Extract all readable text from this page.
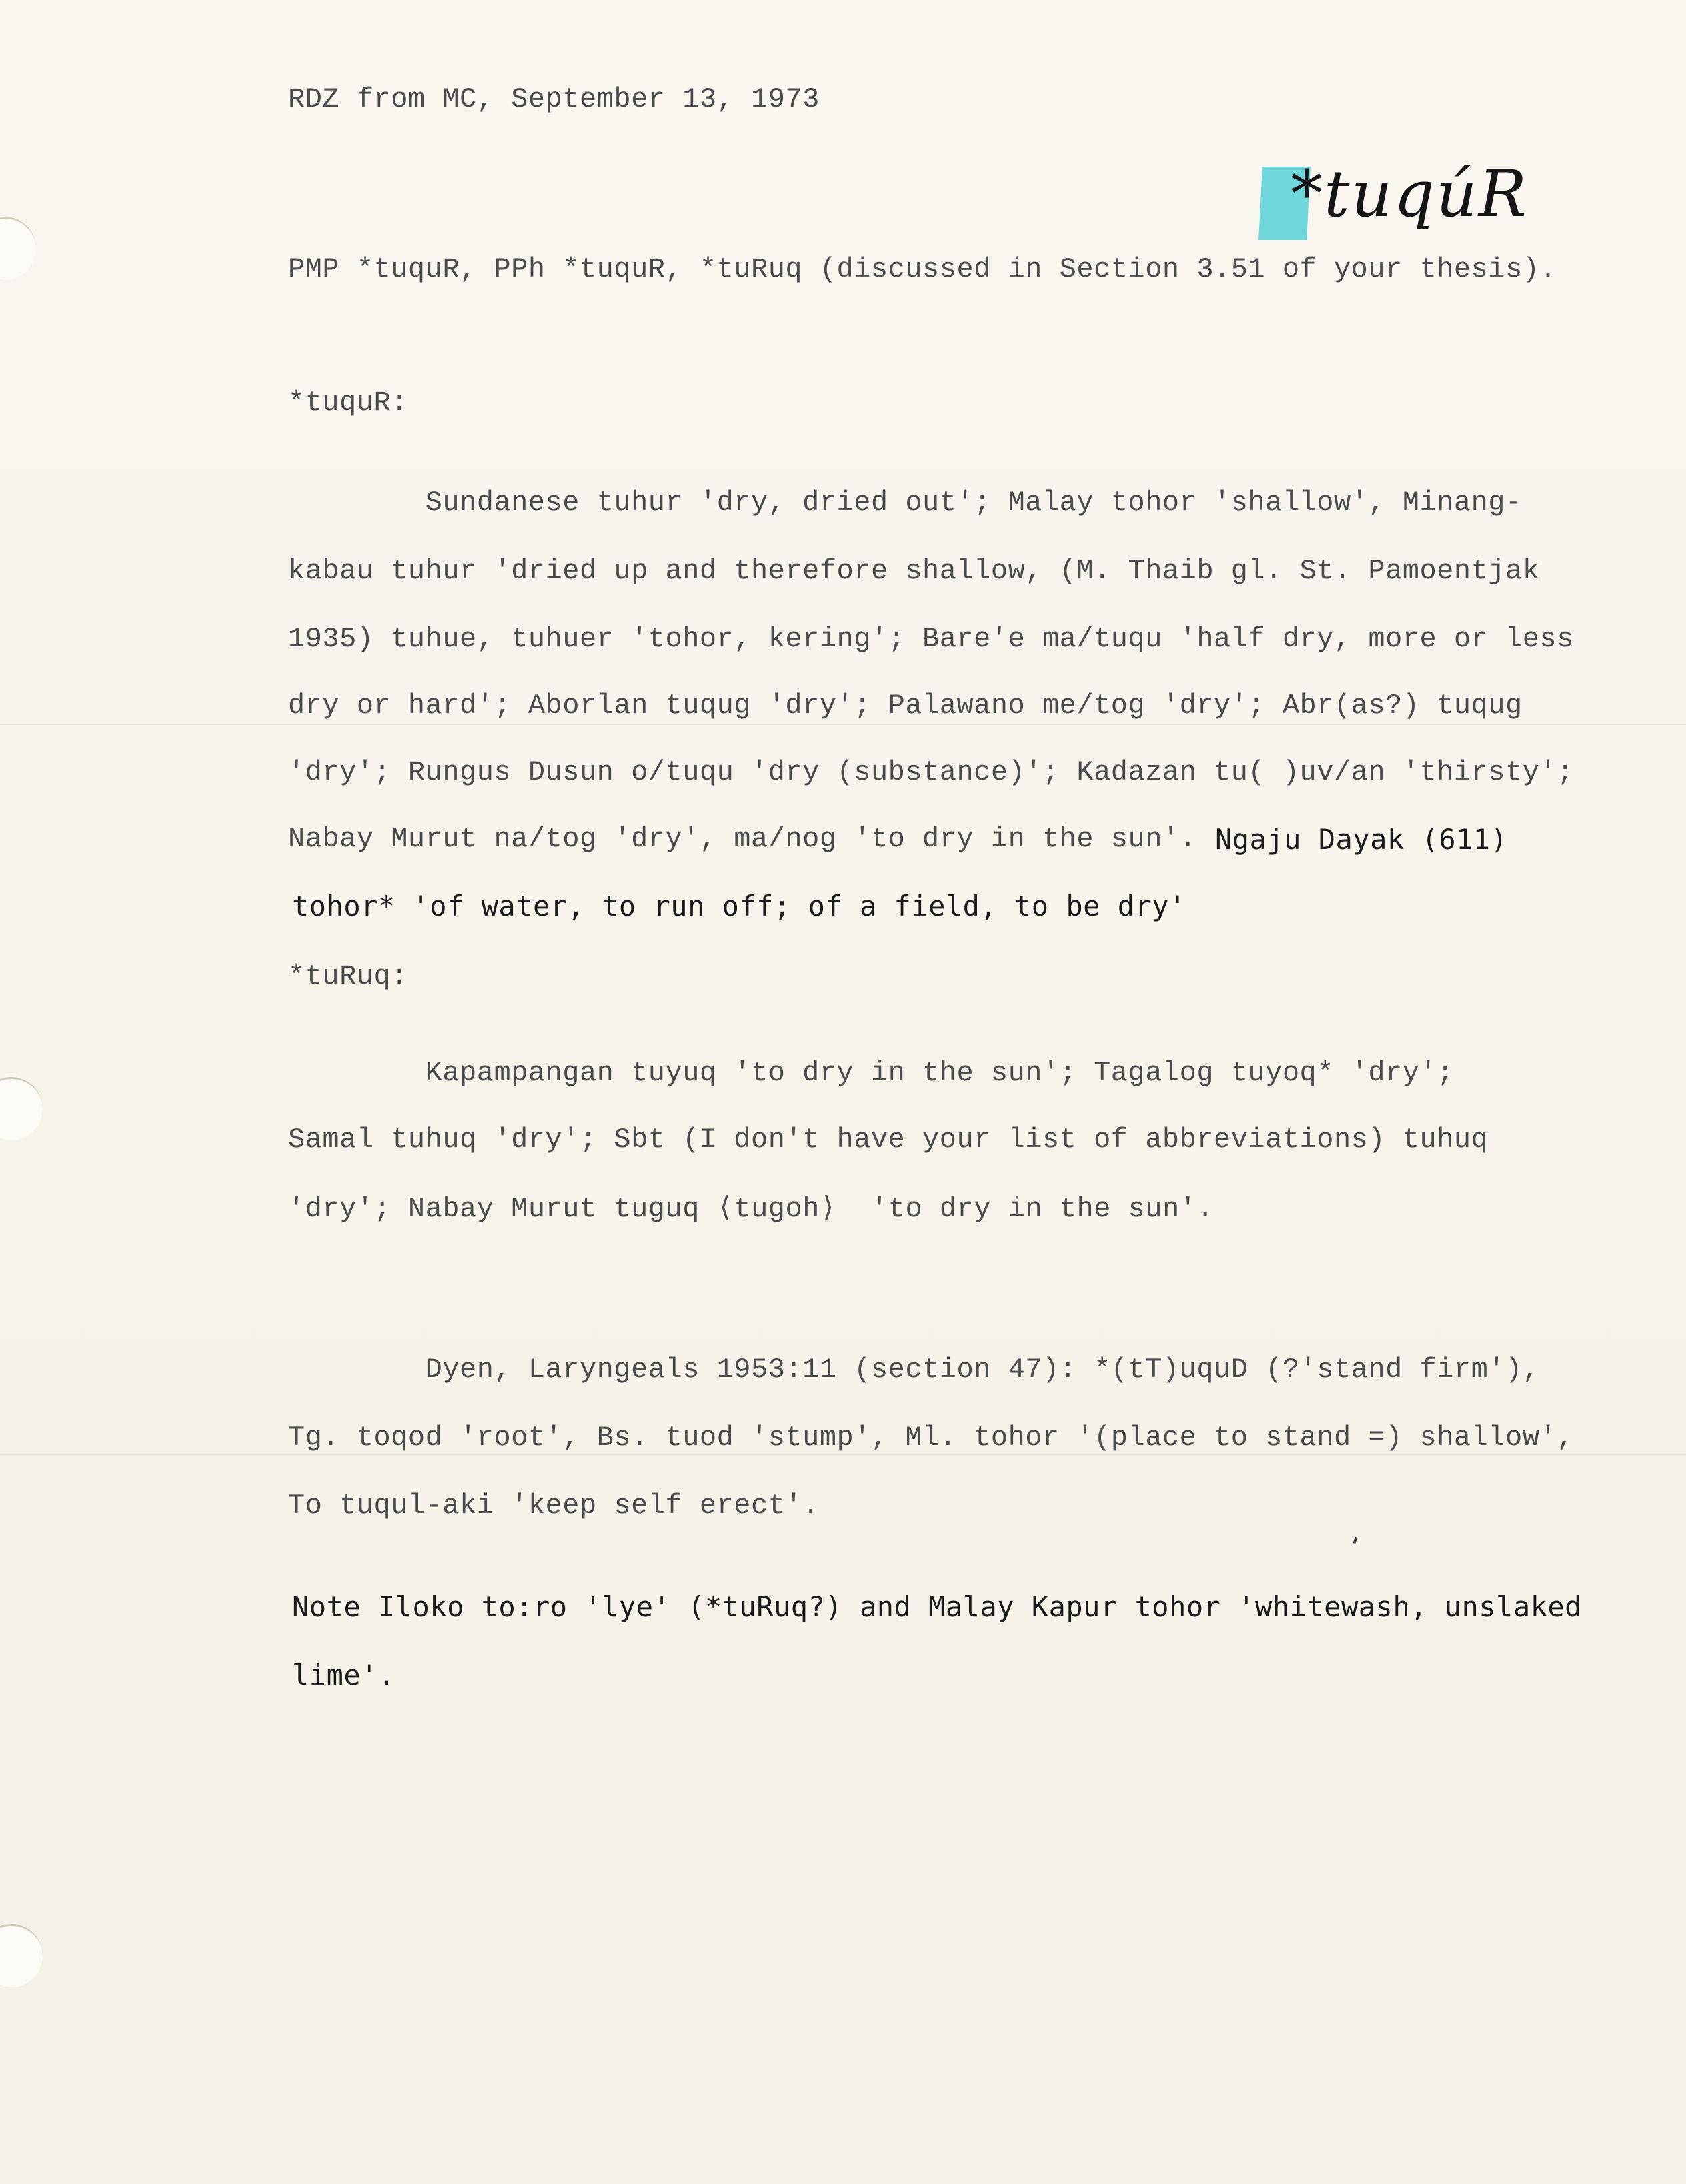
RDZ from MC, September 13, 1973
*tuqúR
PMP *tuquR, PPh *tuquR, *tuRuq (discussed in Section 3.51 of your thesis).
*tuquR:
Sundanese tuhur 'dry, dried out'; Malay tohor 'shallow', Minang-
kabau tuhur 'dried up and therefore shallow, (M. Thaib gl. St. Pamoentjak
1935) tuhue, tuhuer 'tohor, kering'; Bare'e ma/tuqu 'half dry, more or less
dry or hard'; Aborlan tuqug 'dry'; Palawano me/tog 'dry'; Abr(as?) tuqug
'dry'; Rungus Dusun o/tuqu 'dry (substance)'; Kadazan tu( )uv/an 'thirsty';
Nabay Murut na/tog 'dry', ma/nog 'to dry in the sun'. Ngaju Dayak (611)
tohor* 'of water, to run off; of a field, to be dry'
*tuRuq:
Kapampangan tuyuq 'to dry in the sun'; Tagalog tuyoq* 'dry';
Samal tuhuq 'dry'; Sbt (I don't have your list of abbreviations) tuhuq
'dry'; Nabay Murut tuguq ⟨tugoh⟩  'to dry in the sun'.
Dyen, Laryngeals 1953:11 (section 47): *(tT)uquD (?'stand firm'),
Tg. toqod 'root', Bs. tuod 'stump', Ml. tohor '(place to stand =) shallow',
To tuqul-aki 'keep self erect'.
Note Iloko to:ro 'lye' (*tuRuq?) and Malay Kapur tohor 'whitewash, unslaked
lime'.
